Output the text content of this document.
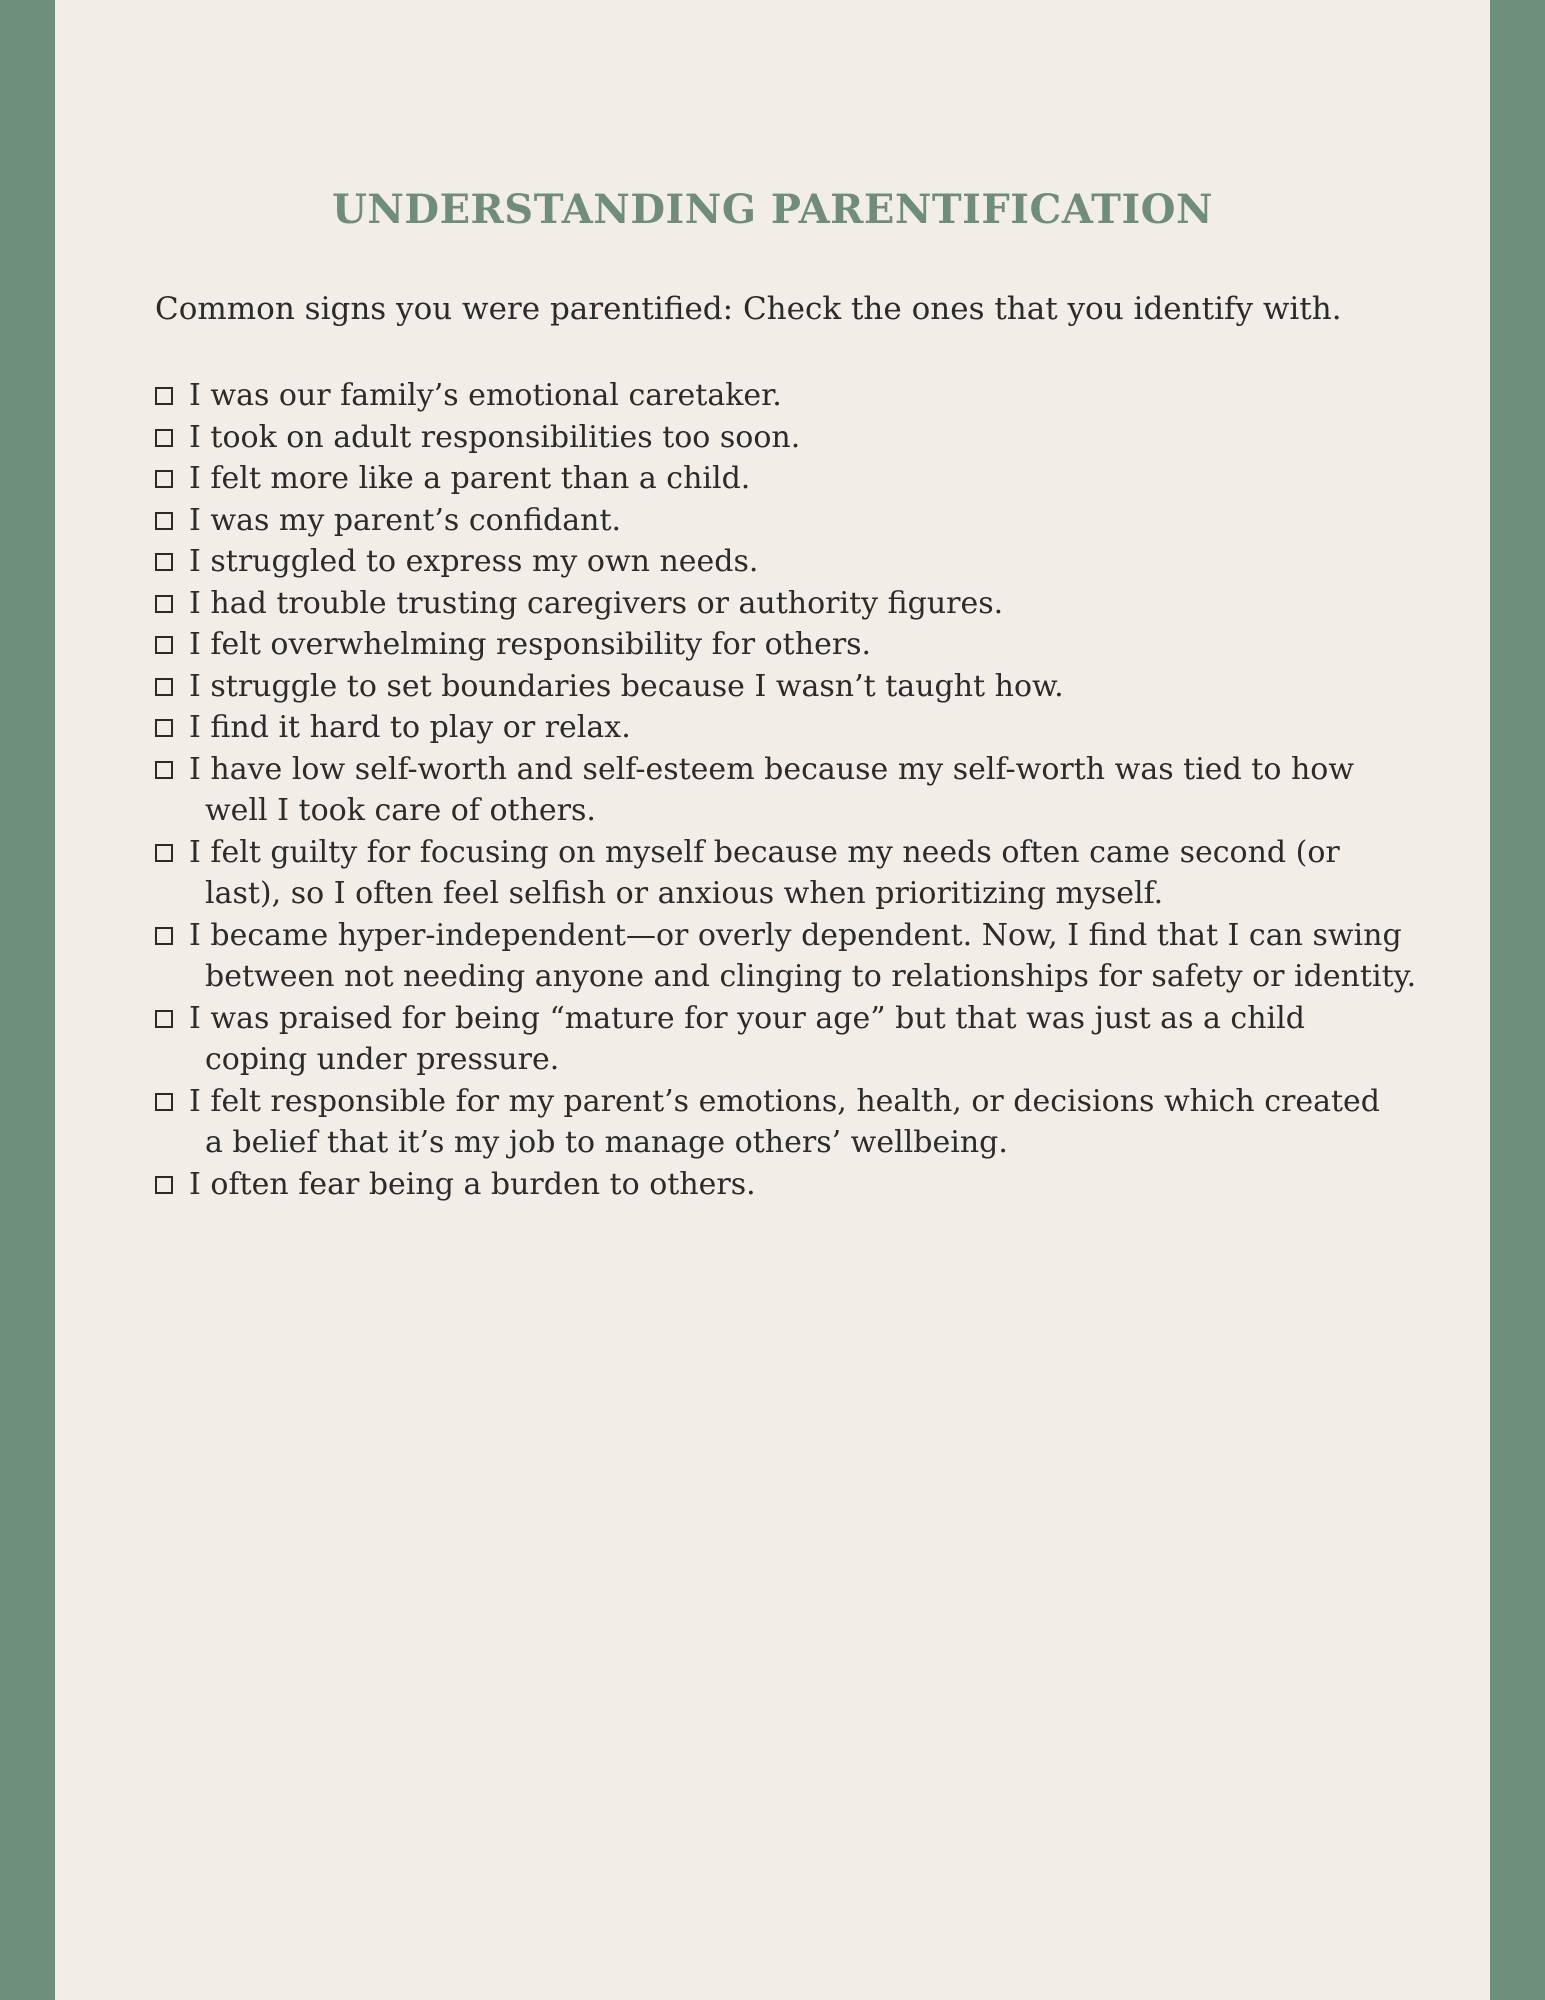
UNDERSTANDING PARENTIFICATION

Common signs you were parentified: Check the ones that you identify with.

I was our family’s emotional caretaker.
I took on adult responsibilities too soon.
I felt more like a parent than a child.
I was my parent’s confidant.
I struggled to express my own needs.
I had trouble trusting caregivers or authority figures.
I felt overwhelming responsibility for others.
I struggle to set boundaries because I wasn’t taught how.
I find it hard to play or relax.
I have low self-worth and self-esteem because my self-worth was tied to how

well I took care of others.
I felt guilty for focusing on myself because my needs often came second (or

last), so I often feel selfish or anxious when prioritizing myself.
I became hyper-independent—or overly dependent. Now, I find that I can swing

between not needing anyone and clinging to relationships for safety or identity.
I was praised for being “mature for your age” but that was just as a child

coping under pressure.
I felt responsible for my parent’s emotions, health, or decisions which created

a belief that it’s my job to manage others’ wellbeing.
I often fear being a burden to others.
